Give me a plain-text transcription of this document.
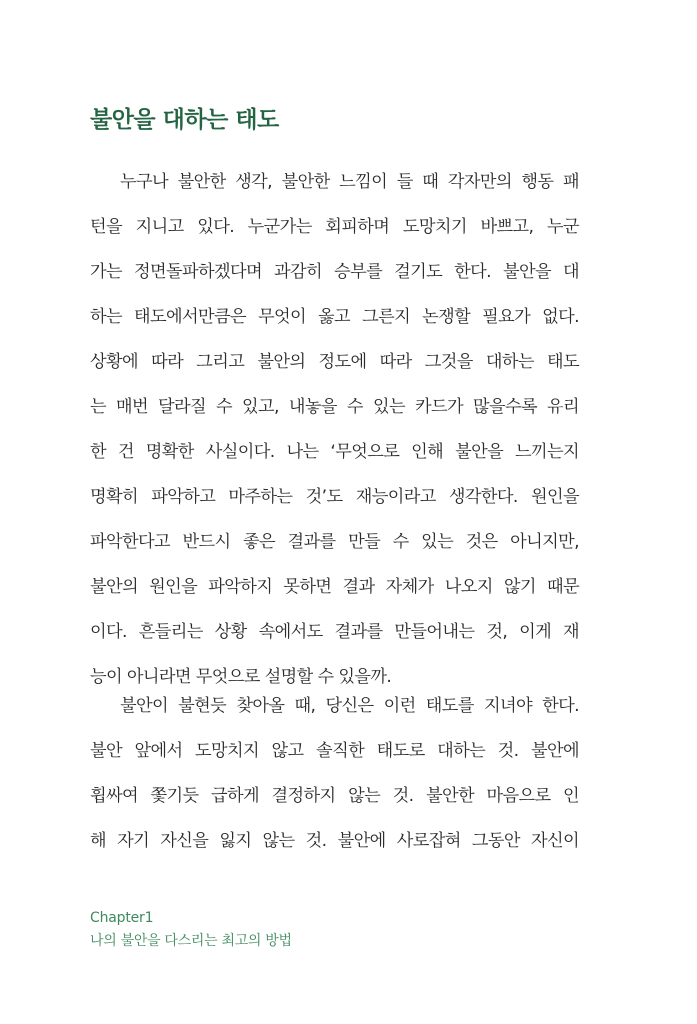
불안을 대하는 태도
누구나 불안한 생각, 불안한 느낌이 들 때 각자만의 행동 패
턴을 지니고 있다. 누군가는 회피하며 도망치기 바쁘고, 누군
가는 정면돌파하겠다며 과감히 승부를 걸기도 한다. 불안을 대
하는 태도에서만큼은 무엇이 옳고 그른지 논쟁할 필요가 없다.
상황에 따라 그리고 불안의 정도에 따라 그것을 대하는 태도
는 매번 달라질 수 있고, 내놓을 수 있는 카드가 많을수록 유리
한 건 명확한 사실이다. 나는 ‘무엇으로 인해 불안을 느끼는지
명확히 파악하고 마주하는 것’도 재능이라고 생각한다. 원인을
파악한다고 반드시 좋은 결과를 만들 수 있는 것은 아니지만,
불안의 원인을 파악하지 못하면 결과 자체가 나오지 않기 때문
이다. 흔들리는 상황 속에서도 결과를 만들어내는 것, 이게 재
능이 아니라면 무엇으로 설명할 수 있을까.
불안이 불현듯 찾아올 때, 당신은 이런 태도를 지녀야 한다.
불안 앞에서 도망치지 않고 솔직한 태도로 대하는 것. 불안에
휩싸여 쫓기듯 급하게 결정하지 않는 것. 불안한 마음으로 인
해 자기 자신을 잃지 않는 것. 불안에 사로잡혀 그동안 자신이
Chapter1
나의 불안을 다스리는 최고의 방법
